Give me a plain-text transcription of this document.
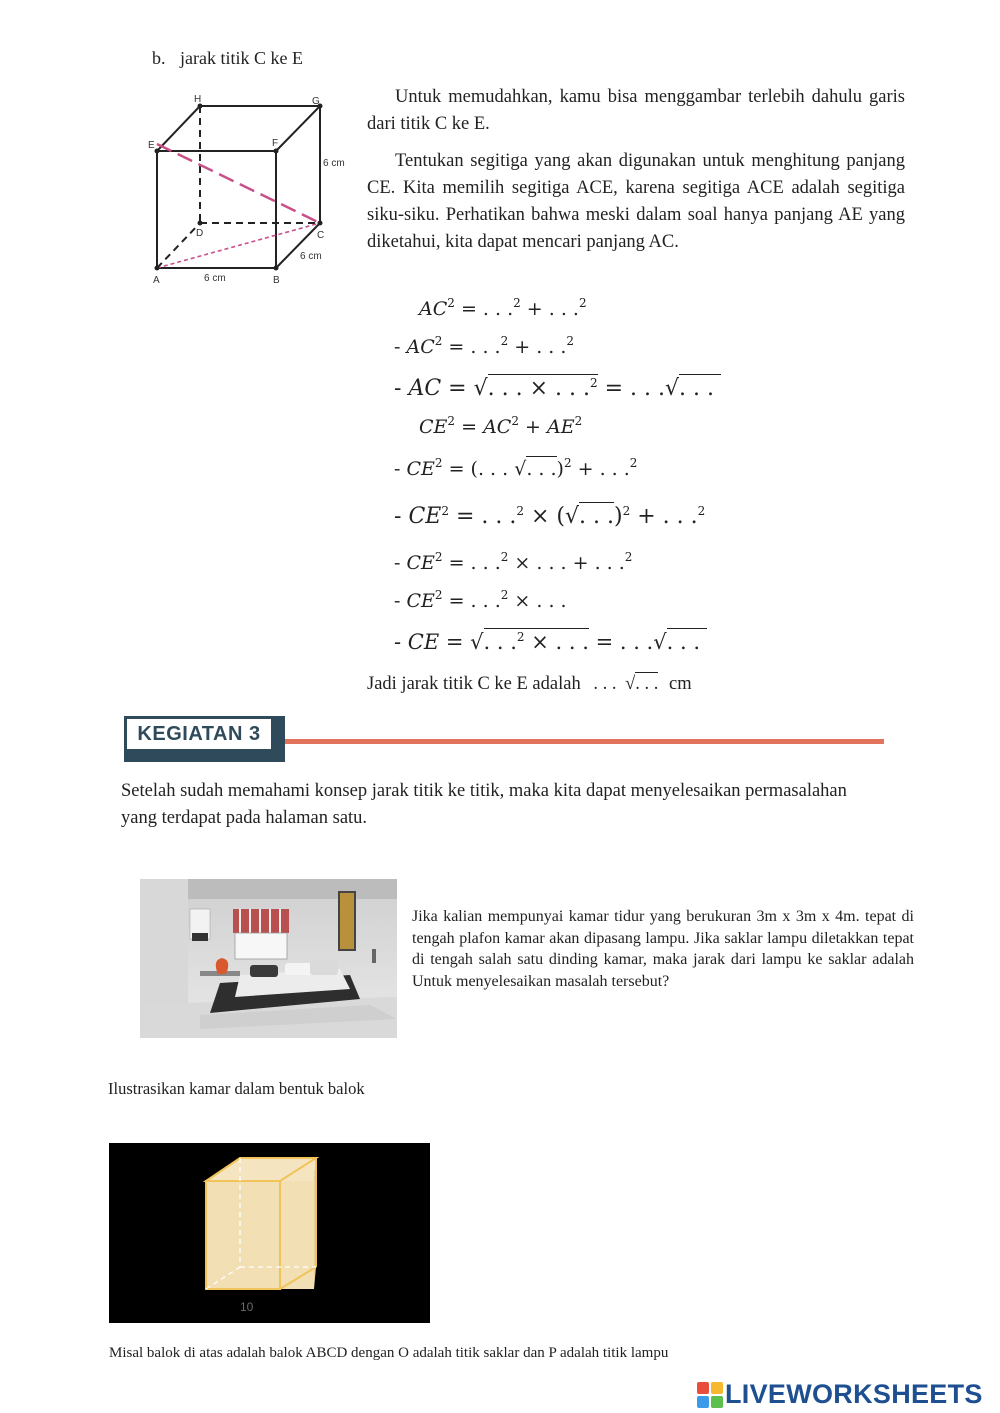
b. jarak titik C ke E
H	G
E	F
D	C
A	B
6 cm
6 cm
6 cm
Untuk memudahkan, kamu bisa menggambar terlebih dahulu garis dari titik C ke E.
Tentukan segitiga yang akan digunakan untuk menghitung panjang CE. Kita memilih segitiga ACE, karena segitiga ACE adalah segitiga siku-siku. Perhatikan bahwa meski dalam soal hanya panjang AE yang diketahui, kita dapat mencari panjang AC.
$AC^2$ = . . .$^2$ + . . .$^2$
- $AC^2$ = . . .$^2$ + . . .$^2$
- AC = √. . . × . . .$^2$ = . . .√. . .
$CE^2 = AC^2 + AE^2$
- $CE^2$ = (. . . √. . .)$^2$ + . . .$^2$
- $CE^2$ = . . .$^2$ × (√. . .)$^2$ + . . .$^2$
- $CE^2$ = . . .$^2$ × . . . + . . .$^2$
- $CE^2$ = . . .$^2$ × . . .
- CE = √. . .$^2$ × . . . = . . .√. . .
Jadi jarak titik C ke E adalah . . . √. . . cm
KEGIATAN 3
Setelah sudah memahami konsep jarak titik ke titik, maka kita dapat menyelesaikan permasalahan yang terdapat pada halaman satu.
Jika kalian mempunyai kamar tidur yang berukuran 3m x 3m x 4m. tepat di tengah plafon kamar akan dipasang lampu. Jika saklar lampu diletakkan tepat di tengah salah satu dinding kamar, maka jarak dari lampu ke saklar adalah Untuk menyelesaikan masalah tersebut?
Ilustrasikan kamar dalam bentuk balok
10
Misal balok di atas adalah balok ABCD dengan O adalah titik saklar dan P adalah titik lampu
LIVEWORKSHEETS
